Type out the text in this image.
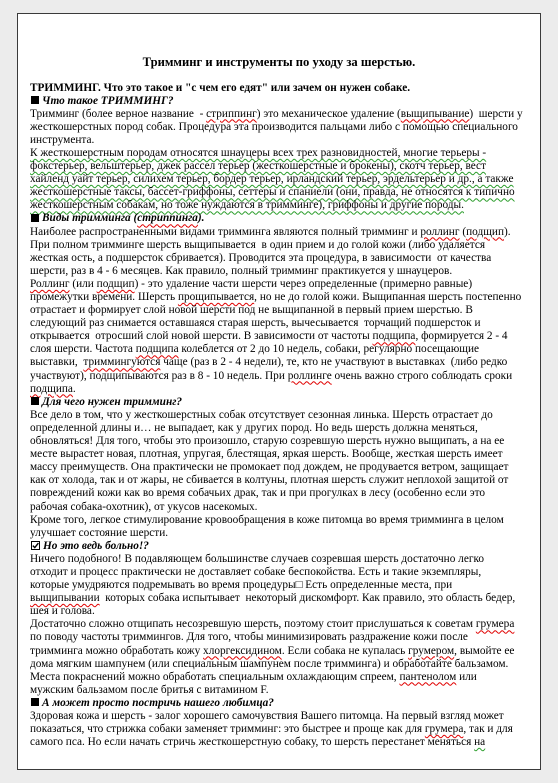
Тримминг и инструменты по уходу за шерстью.
ТРИММИНГ. Что это такое и "с чем его едят" или зачем он нужен собаке.
Что такое ТРИММИНГ?
Тримминг (более верное название  - стриппинг) это механическое удаление (выщипывание)  шерсти у
жесткошерстных пород собак. Процедура эта производится пальцами либо с помощью специального
инструмента.
К жесткошерстным породам относятся шнауцеры всех трех разновидностей, многие терьеры -
фокстерьер, вельштерьер, джек рассел терьер (жесткошерстные и брокены), скотч терьер, вест
хайленд уайт терьер, силихем терьер, бордер терьер, ирландский терьер, эрдельтерьер и др., а также
жесткошерстные таксы, бассет-гриффоны, сеттеры и спаниели (они, правда, не относятся к типично
жесткошерстным собакам, но тоже нуждаются в тримминге), гриффоны и другие породы.
Виды тримминга (стриппинга).
Наиболее распространенными видами тримминга являются полный тримминг и роллинг (подщип).
При полном тримминге шерсть выщипывается  в один прием и до голой кожи (либо удаляется
жесткая ость, а подшерсток сбривается). Проводится эта процедура, в зависимости  от качества
шерсти, раз в 4 - 6 месяцев. Как правило, полный тримминг практикуется у шнауцеров.
Роллинг (или подщип) - это удаление части шерсти через определенные (примерно равные)
промежутки времени. Шерсть прощипывается, но не до голой кожи. Выщипанная шерсть постепенно
отрастает и формирует слой новой шерсти под не выщипанной в первый прием шерстью. В
следующий раз снимается оставшаяся старая шерсть, вычесывается  торчащий подшерсток и
открывается  отросший слой новой шерсти. В зависимости от частоты подщипа, формируется 2 - 4
слоя шерсти. Частота подщипа колеблется от 2 до 10 недель, собаки, регулярно посещающие
выставки,  триммингуются чаще (раз в 2 - 4 недели), те, кто не участвуют в выставках  (либо редко
участвуют), подщипываются раз в 8 - 10 недель. При роллинге очень важно строго соблюдать сроки
подщипа.
Для чего нужен тримминг?
Все дело в том, что у жесткошерстных собак отсутствует сезонная линька. Шерсть отрастает до
определенной длины и… не выпадает, как у других пород. Но ведь шерсть должна меняться,
обновляться! Для того, чтобы это произошло, старую созревшую шерсть нужно выщипать, а на ее
месте вырастет новая, плотная, упругая, блестящая, яркая шерсть. Вообще, жесткая шерсть имеет
массу преимуществ. Она практически не промокает под дождем, не продувается ветром, защищает
как от холода, так и от жары, не сбивается в колтуны, плотная шерсть служит неплохой защитой от
повреждений кожи как во время собачьих драк, так и при прогулках в лесу (особенно если это
рабочая собака-охотник), от укусов насекомых.
Кроме того, легкое стимулирование кровообращения в коже питомца во время тримминга в целом
улучшает состояние шерсти.
Но это ведь больно!?
Ничего подобного! В подавляющем большинстве случаев созревшая шерсть достаточно легко
отходит и процесс практически не доставляет собаке беспокойства. Есть и такие экземпляры,
которые умудряются подремывать во время процедуры□ Есть определенные места, при
выщипывании  которых собака испытывает  некоторый дискомфорт. Как правило, это область бедер,
шея и голова.
Достаточно сложно отщипать несозревшую шерсть, поэтому стоит прислушаться к советам грумера
по поводу частоты триммингов. Для того, чтобы минимизировать раздражение кожи после
тримминга можно обработать кожу хлоргексидином. Если собака не купалась грумером, вымойте ее
дома мягким шампунем (или специальным шампунем после тримминга) и обработайте бальзамом.
Места покраснений можно обработать специальным охлаждающим спреем, пантенолом или
мужским бальзамом после бритья с витамином F.
А может просто постричь нашего любимца?
Здоровая кожа и шерсть - залог хорошего самочувствия Вашего питомца. На первый взгляд может
показаться, что стрижка собаки заменяет тримминг: это быстрее и проще как для грумера, так и для
самого пса. Но если начать стричь жесткошерстную собаку, то шерсть перестанет меняться на
